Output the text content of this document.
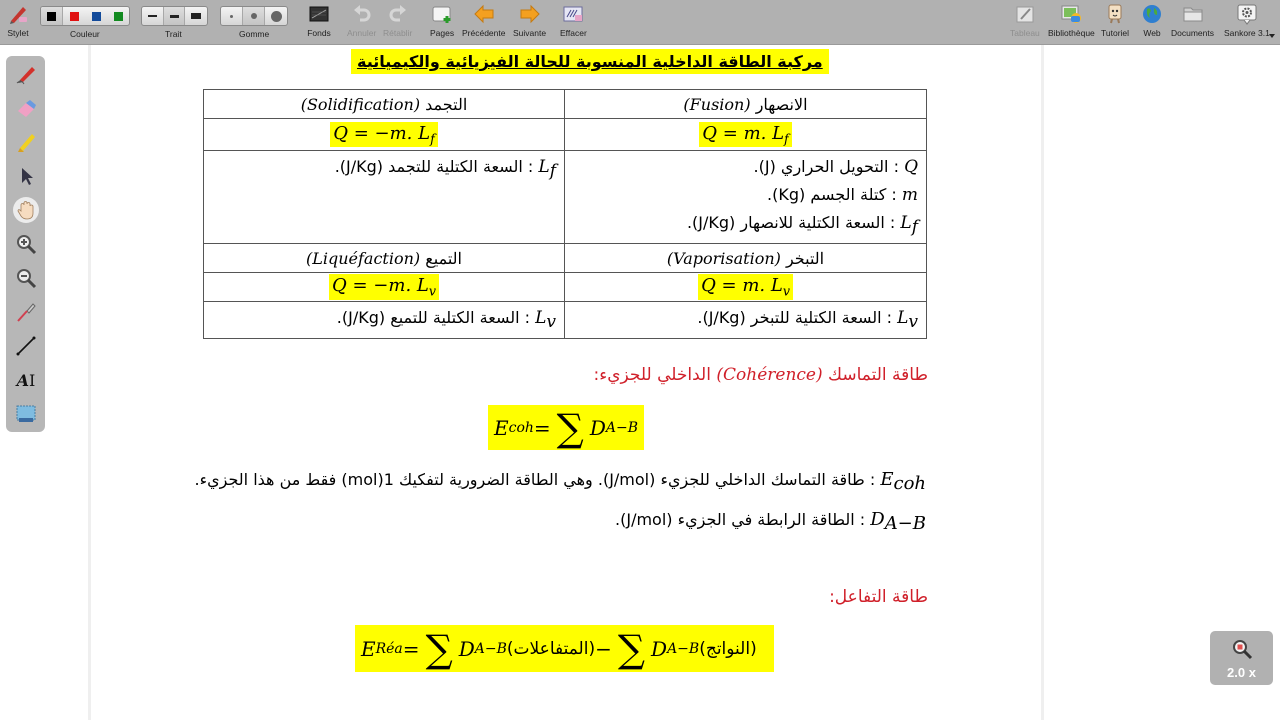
Stylet	Couleur	Trait	Gomme	Fonds Annuler Rétablir Pages Précédente Suivante Effacer	Tableau Bibliothèque Tutoriel Web Documents Sankore 3.1
AI
مركبة الطاقة الداخلية المنسوبة للحالة الفيزيائية والكيميائية
التجمد (Solidification)	الانصهار (Fusion)
Q = −m. $L_f$	Q = m. $L_f$

$L_f$ : السعة الكتلية للتجمد (J/Kg).	Q : التحويل الحراري (J).
m : كتلة الجسم (Kg).
$L_f$ : السعة الكتلية للانصهار (J/Kg).

التميع (Liquéfaction)	التبخر (Vaporisation)
Q = −m. $L_v$	Q = m. $L_v$

$L_v$ : السعة الكتلية للتميع (J/Kg).	$L_v$ : السعة الكتلية للتبخر (J/Kg).
طاقة التماسك (Cohérence) الداخلي للجزيء:
E coh = ∑ D A−B
$E_{coh}$ : طاقة التماسك الداخلي للجزيء (J/mol). وهي الطاقة الضرورية لتفكيك 1(mol) فقط من هذا الجزيء.
$D_{A-B}$ : الطاقة الرابطة في الجزيء (J/mol).
طاقة التفاعل:
E Réa = ∑ D A−B (المتفاعلات) − ∑ D A−B (النواتج)
2.0 x
